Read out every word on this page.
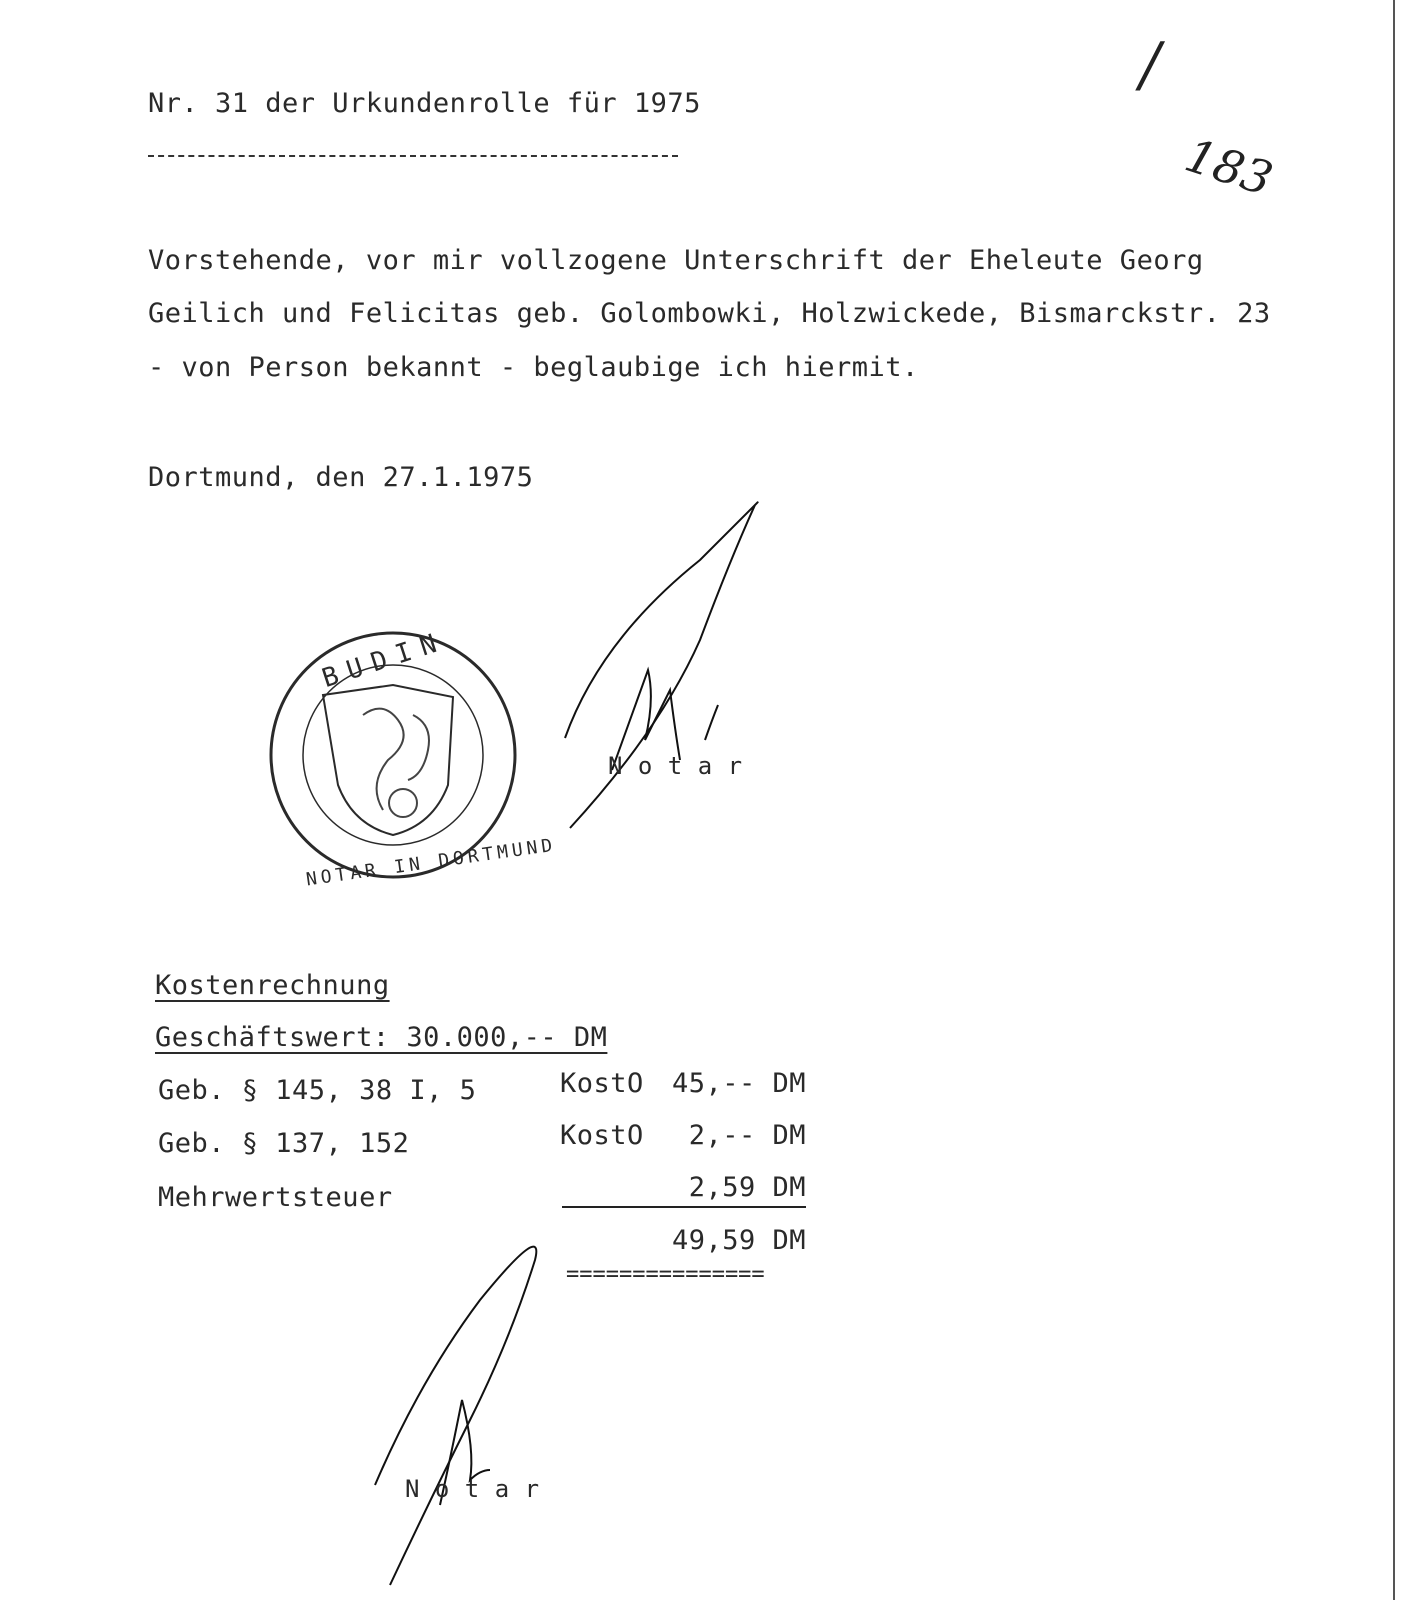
Nr. 31 der Urkundenrolle für 1975
/
183
Vorstehende, vor mir vollzogene Unterschrift der Eheleute Georg
Geilich und Felicitas geb. Golombowki, Holzwickede, Bismarckstr. 23
- von Person bekannt - beglaubige ich hiermit.
Dortmund, den 27.1.1975
BUDIN
NOTAR IN DORTMUND
N o t a r
Kostenrechnung
Geschäftswert: 30.000,-- DM
Geb. § 145, 38 I, 5	KostO	45,-- DM
Geb. § 137, 152	KostO	2,-- DM
Mehrwertsteuer	2,59 DM
49,59 DM
===============
N o t a r
